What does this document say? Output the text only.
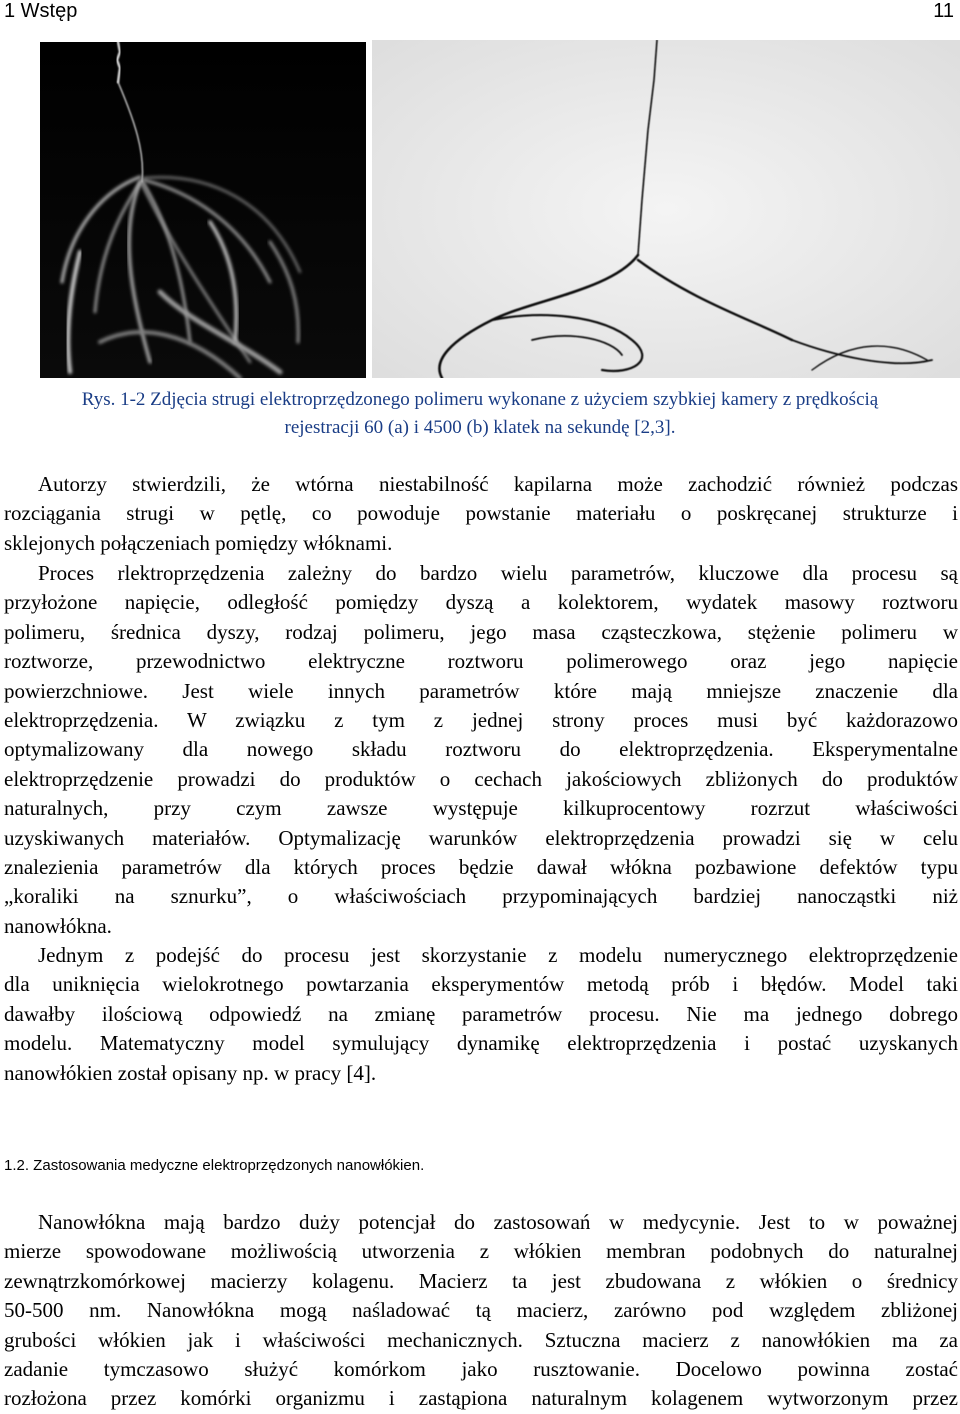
1 Wstęp	11
Rys. 1-2 Zdjęcia strugi elektroprzędzonego polimeru wykonane z użyciem szybkiej kamery z prędkością
rejestracji 60 (a) i 4500 (b) klatek na sekundę [2,3].

Autorzy stwierdzili, że wtórna niestabilność kapilarna może zachodzić również podczas
rozciągania strugi w pętlę, co powoduje powstanie materiału o poskręcanej strukturze i
sklejonych połączeniach pomiędzy włóknami.

Proces rlektroprzędzenia zależny do bardzo wielu parametrów, kluczowe dla procesu są
przyłożone napięcie, odległość pomiędzy dyszą a kolektorem, wydatek masowy roztworu
polimeru, średnica dyszy, rodzaj polimeru, jego masa cząsteczkowa, stężenie polimeru w
roztworze, przewodnictwo elektryczne roztworu polimerowego oraz jego napięcie
powierzchniowe. Jest wiele innych parametrów które mają mniejsze znaczenie dla
elektroprzędzenia. W związku z tym z jednej strony proces musi być każdorazowo
optymalizowany dla nowego składu roztworu do elektroprzędzenia. Eksperymentalne
elektroprzędzenie prowadzi do produktów o cechach jakościowych zbliżonych do produktów
naturalnych, przy czym zawsze występuje kilkuprocentowy rozrzut właściwości
uzyskiwanych materiałów. Optymalizację warunków elektroprzędzenia prowadzi się w celu
znalezienia parametrów dla których proces będzie dawał włókna pozbawione defektów typu
„koraliki na sznurku”, o właściwościach przypominających bardziej nanocząstki niż
nanowłókna.

Jednym z podejść do procesu jest skorzystanie z modelu numerycznego elektroprzędzenie
dla uniknięcia wielokrotnego powtarzania eksperymentów metodą prób i błędów. Model taki
dawałby ilościową odpowiedź na zmianę parametrów procesu. Nie ma jednego dobrego
modelu. Matematyczny model symulujący dynamikę elektroprzędzenia i postać uzyskanych
nanowłókien został opisany np. w pracy [4].

1.2. Zastosowania medyczne elektroprzędzonych nanowłókien.

Nanowłókna mają bardzo duży potencjał do zastosowań w medycynie. Jest to w poważnej
mierze spowodowane możliwością utworzenia z włókien membran podobnych do naturalnej
zewnątrzkomórkowej macierzy kolagenu. Macierz ta jest zbudowana z włókien o średnicy
50-500 nm. Nanowłókna mogą naśladować tą macierz, zarówno pod względem zbliżonej
grubości włókien jak i właściwości mechanicznych. Sztuczna macierz z nanowłókien ma za
zadanie tymczasowo służyć komórkom jako rusztowanie. Docelowo powinna zostać
rozłożona przez komórki organizmu i zastąpiona naturalnym kolagenem wytworzonym przez
